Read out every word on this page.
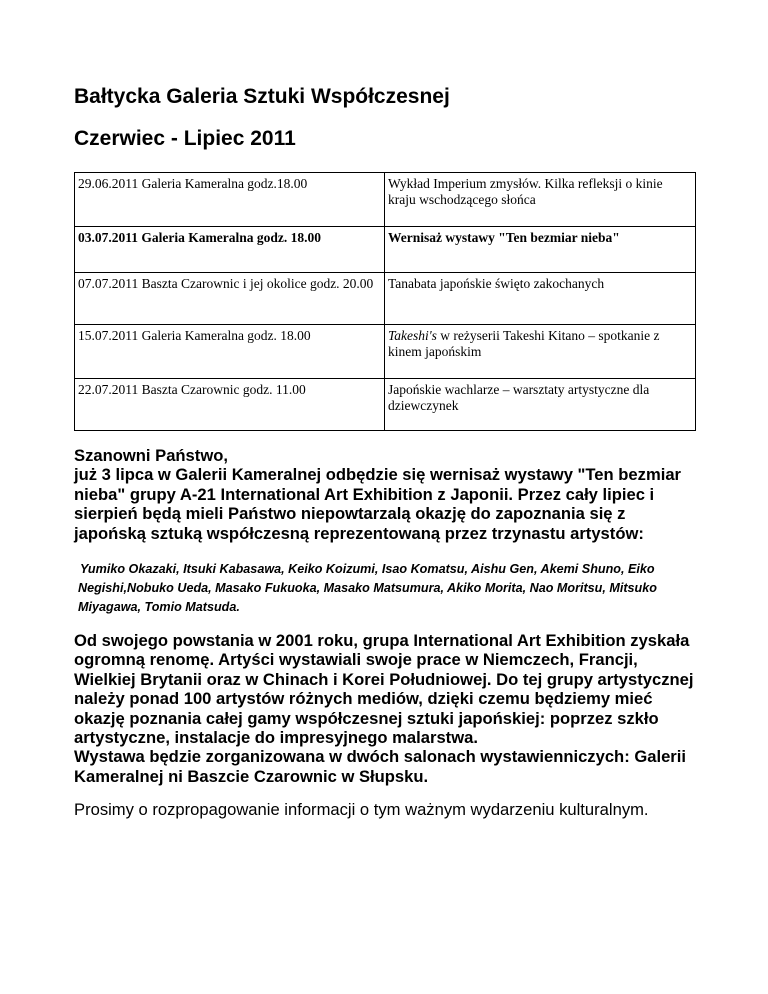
Bałtycka Galeria Sztuki Współczesnej
Czerwiec - Lipiec 2011
29.06.2011 Galeria Kameralna godz.18.00	Wykład Imperium zmysłów. Kilka refleksji o kinie kraju wschodzącego słońca
03.07.2011 Galeria Kameralna godz. 18.00	Wernisaż wystawy "Ten bezmiar nieba"
07.07.2011 Baszta Czarownic i jej okolice godz. 20.00	Tanabata japońskie święto zakochanych
15.07.2011 Galeria Kameralna godz. 18.00	Takeshi's w reżyserii Takeshi Kitano – spotkanie z kinem japońskim
22.07.2011 Baszta Czarownic godz. 11.00	Japońskie wachlarze – warsztaty artystyczne dla dziewczynek

Szanowni Państwo,

już 3 lipca w Galerii Kameralnej odbędzie się wernisaż wystawy "Ten bezmiar nieba" grupy A-21 International Art Exhibition z Japonii. Przez cały lipiec i sierpień będą mieli Państwo niepowtarzalą okazję do zapoznania się z japońską sztuką współczesną reprezentowaną przez trzynastu artystów:

Yumiko Okazaki, Itsuki Kabasawa, Keiko Koizumi, Isao Komatsu, Aishu Gen, Akemi Shuno, Eiko Negishi,Nobuko Ueda, Masako Fukuoka, Masako Matsumura, Akiko Morita, Nao Moritsu, Mitsuko Miyagawa, Tomio Matsuda.

Od swojego powstania w 2001 roku, grupa International Art Exhibition zyskała ogromną renomę. Artyści wystawiali swoje prace w Niemczech, Francji, Wielkiej Brytanii oraz w Chinach i Korei Południowej. Do tej grupy artystycznej należy ponad 100 artystów różnych mediów, dzięki czemu będziemy mieć okazję poznania całej gamy współczesnej sztuki japońskiej: poprzez szkło artystyczne, instalacje do impresyjnego malarstwa.

Wystawa będzie zorganizowana w dwóch salonach wystawienniczych: Galerii Kameralnej ni Baszcie Czarownic w Słupsku.

Prosimy o rozpropagowanie informacji o tym ważnym wydarzeniu kulturalnym.
